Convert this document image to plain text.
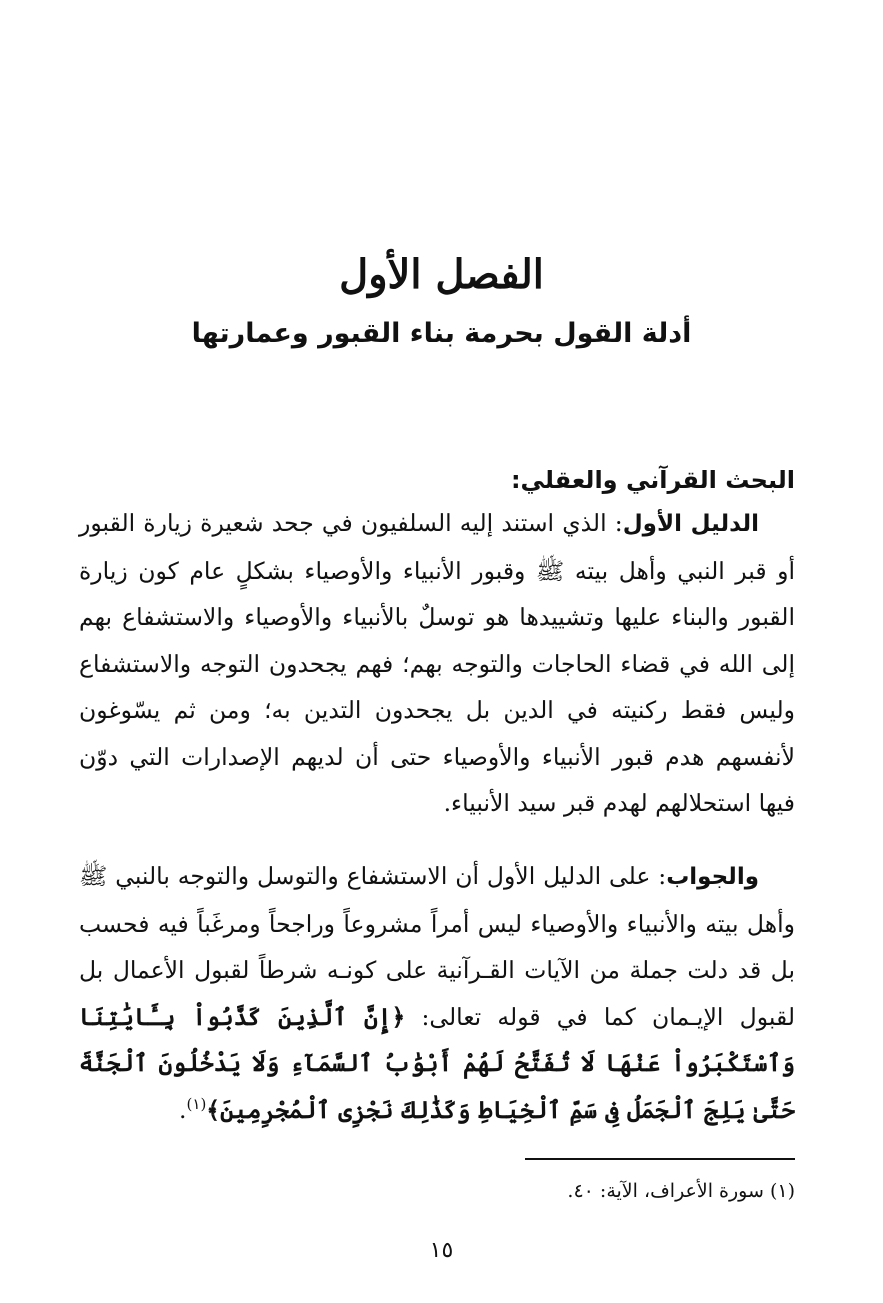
الفصل الأول
أدلة القول بحرمة بناء القبور وعمارتها
البحث القرآني والعقلي:

الدليل الأول: الذي استند إليه السلفيون في جحد شعيرة زيارة القبور أو قبر النبي وأهل بيته ﷺ وقبور الأنبياء والأوصياء بشكلٍ عام كون زيارة القبور والبناء عليها وتشييدها هو توسلٌ بالأنبياء والأوصياء والاستشفاع بهم إلى الله في قضاء الحاجات والتوجه بهم؛ فهم يجحدون التوجه والاستشفاع وليس فقط ركنيته في الدين بل يجحدون التدين به؛ ومن ثم يسّوغون لأنفسهم هدم قبور الأنبياء والأوصياء حتى أن لديهم الإصدارات التي دوّن فيها استحلالهم لهدم قبر سيد الأنبياء.

والجواب: على الدليل الأول أن الاستشفاع والتوسل والتوجه بالنبي ﷺ وأهل بيته والأنبياء والأوصياء ليس أمراً مشروعاً وراجحاً ومرغَباً فيه فحسب بل قد دلت جملة من الآيات القـرآنية على كونـه شرطاً لقبول الأعمال بل لقبول الإيـمان كما في قوله تعالى: ﴿إِنَّ ٱلَّذِينَ كَذَّبُواْ بِـَٔايَٰتِنَا وَٱسْتَكْبَرُواْ عَنْهَا لَا تُفَتَّحُ لَهُمْ أَبْوَٰبُ ٱلسَّمَآءِ وَلَا يَدْخُلُونَ ٱلْجَنَّةَ حَتَّىٰ يَلِجَ ٱلْجَمَلُ فِى سَمِّ ٱلْخِيَاطِ وَكَذَٰلِكَ نَجْزِى ٱلْمُجْرِمِينَ﴾$^{(١)}$.

(١) سورة الأعراف، الآية: ٤٠.
١٥
